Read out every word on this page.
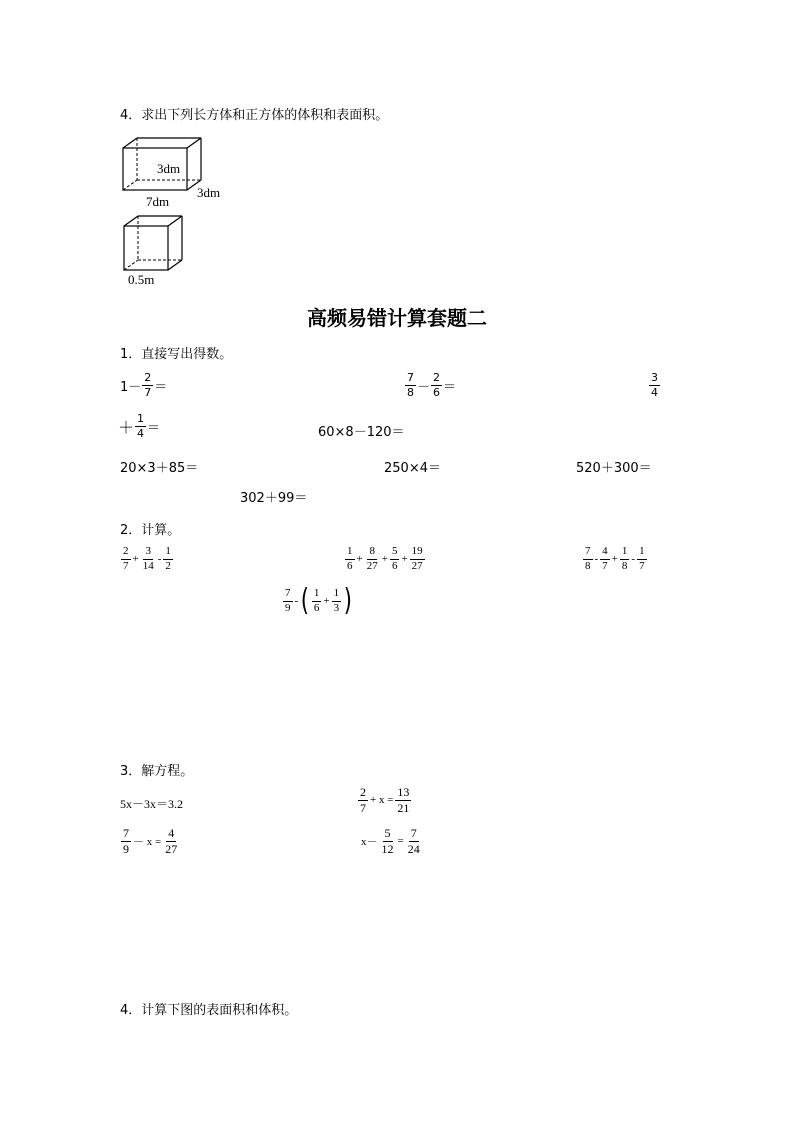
4．求出下列长方体和正方体的体积和表面积。
3dm
3dm
7dm
0.5m
高频易错计算套题二
1．直接写出得数。
$1- \frac{2}{7}$ ＝	$\frac{7}{8} - \frac{2}{6}$ ＝	$\frac{3}{4}$
＋ $\frac{1}{4}$ ＝	60×8－120＝
20×3＋85＝	250×4＝	520＋300＝
302＋99＝
2．计算。
$\frac{2}{7} + \frac{3}{14} - \frac{1}{2}$	$\frac{1}{6} + \frac{8}{27} + \frac{5}{6} + \frac{19}{27}$	$\frac{7}{8} - \frac{4}{7} + \frac{1}{8} - \frac{1}{7}$
$\frac{7}{9}$ - ( $\frac{1}{6} + \frac{1}{3}$ )
3．解方程。
5x－3x＝3.2	$\frac{2}{7} + x = \frac{13}{21}$
$\frac{7}{9} - x = \frac{4}{27}$	$x- \frac{5}{12} = \frac{7}{24}$
4．计算下图的表面积和体积。
